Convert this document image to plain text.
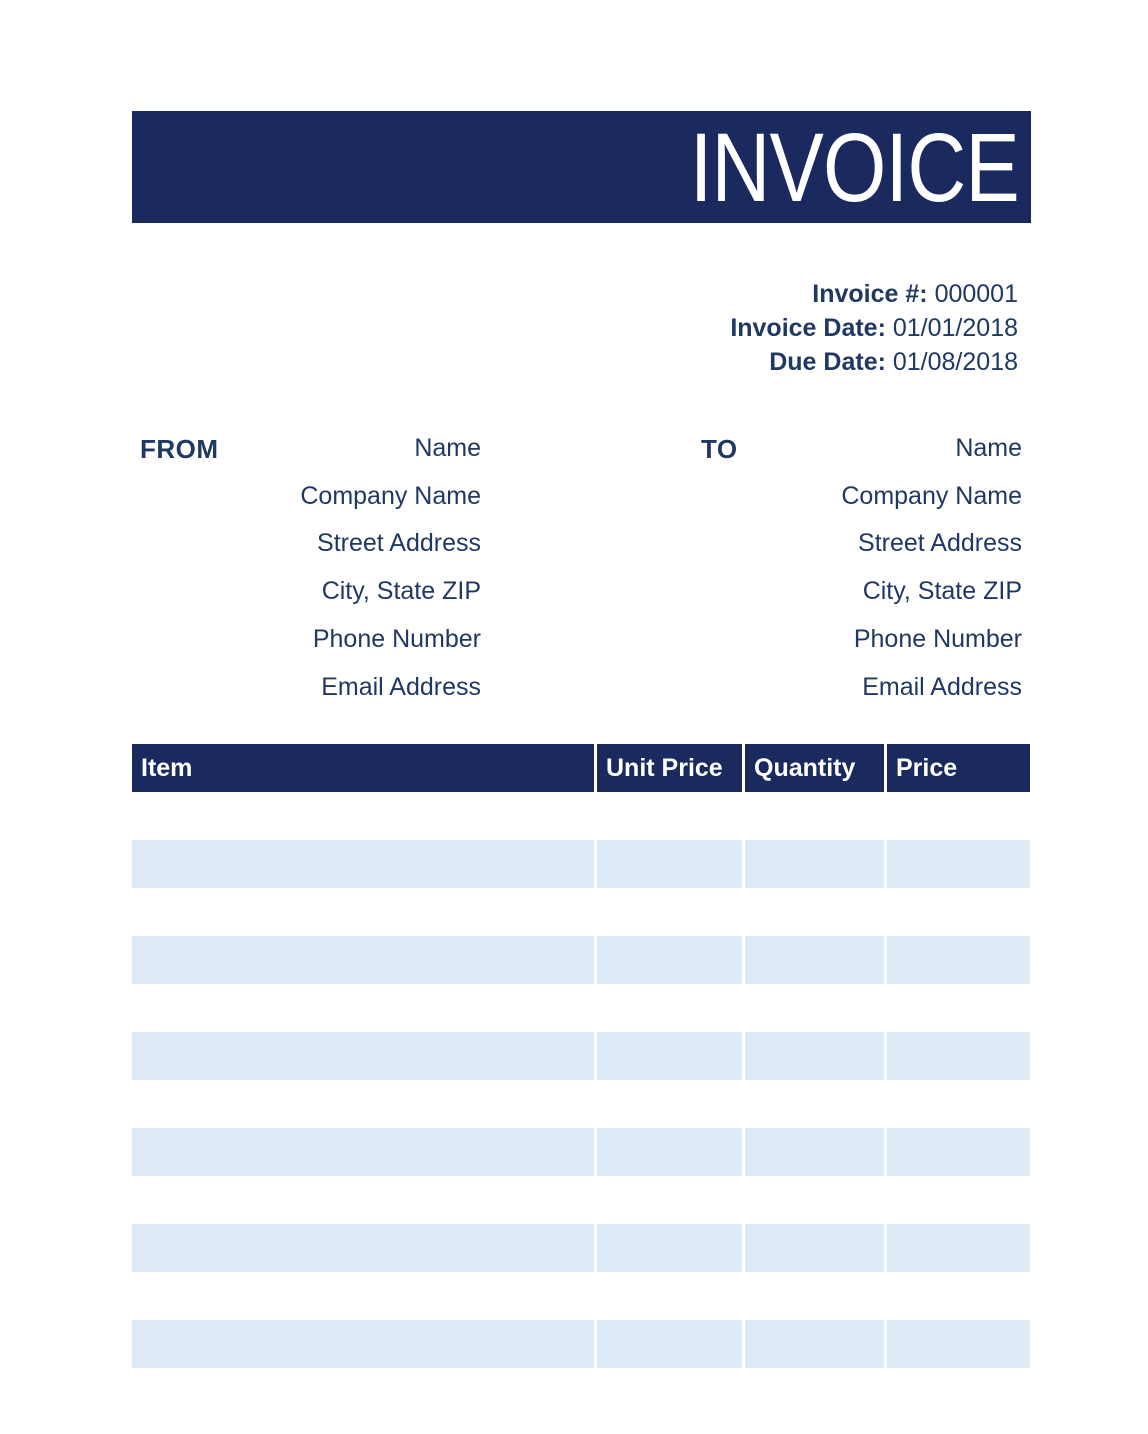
INVOICE
Invoice #: 000001
Invoice Date: 01/01/2018
Due Date: 01/08/2018
FROM	Name
Company Name
Street Address
City, State ZIP
Phone Number
Email Address
TO	Name
Company Name
Street Address
City, State ZIP
Phone Number
Email Address
Item	Unit Price	Quantity	Price
